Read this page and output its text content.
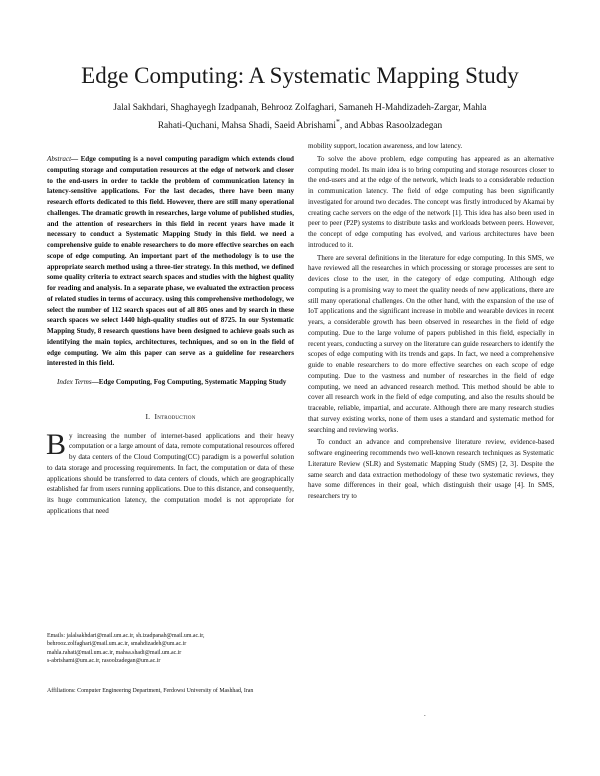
Edge Computing: A Systematic Mapping Study
Jalal Sakhdari, Shaghayegh Izadpanah, Behrooz Zolfaghari, Samaneh H-Mahdizadeh-Zargar, Mahla
Rahati-Quchani, Mahsa Shadi, Saeid Abrishami*, and Abbas Rasoolzadegan
Abstract— Edge computing is a novel computing paradigm which extends cloud computing storage and computation resources at the edge of network and closer to the end-users in order to tackle the problem of communication latency in latency-sensitive applications. For the last decades, there have been many research efforts dedicated to this field. However, there are still many operational challenges. The dramatic growth in researches, large volume of published studies, and the attention of researchers in this field in recent years have made it necessary to conduct a Systematic Mapping Study in this field. we need a comprehensive guide to enable researchers to do more effective searches on each scope of edge computing. An important part of the methodology is to use the appropriate search method using a three-tier strategy. In this method, we defined some quality criteria to extract search spaces and studies with the highest quality for reading and analysis. In a separate phase, we evaluated the extraction process of related studies in terms of accuracy. using this comprehensive methodology, we select the number of 112 search spaces out of all 805 ones and by search in these search spaces we select 1440 high-quality studies out of 8725. In our Systematic Mapping Study, 8 research questions have been designed to achieve goals such as identifying the main topics, architectures, techniques, and so on in the field of edge computing. We aim this paper can serve as a guideline for researchers interested in this field.
Index Terms—Edge Computing, Fog Computing, Systematic Mapping Study
I. Introduction

By increasing the number of internet-based applications and their heavy computation or a large amount of data, remote computational resources offered by data centers of the Cloud Computing(CC) paradigm is a powerful solution to data storage and processing requirements. In fact, the computation or data of these applications should be transferred to data centers of clouds, which are geographically established far from users running applications. Due to this distance, and consequently, its huge communication latency, the computation model is not appropriate for applications that need

mobility support, location awareness, and low latency.

To solve the above problem, edge computing has appeared as an alternative computing model. Its main idea is to bring computing and storage resources closer to the end-users and at the edge of the network, which leads to a considerable reduction in communication latency. The field of edge computing has been significantly investigated for around two decades. The concept was firstly introduced by Akamai by creating cache servers on the edge of the network [1]. This idea has also been used in peer to peer (P2P) systems to distribute tasks and workloads between peers. However, the concept of edge computing has evolved, and various architectures have been introduced to it.

There are several definitions in the literature for edge computing. In this SMS, we have reviewed all the researches in which processing or storage processes are sent to devices close to the user, in the category of edge computing. Although edge computing is a promising way to meet the quality needs of new applications, there are still many operational challenges. On the other hand, with the expansion of the use of IoT applications and the significant increase in mobile and wearable devices in recent years, a considerable growth has been observed in researches in the field of edge computing. Due to the large volume of papers published in this field, especially in recent years, conducting a survey on the literature can guide researchers to identify the scopes of edge computing with its trends and gaps. In fact, we need a comprehensive guide to enable researchers to do more effective searches on each scope of edge computing. Due to the vastness and number of researches in the field of edge computing, we need an advanced research method. This method should be able to cover all research work in the field of edge computing, and also the results should be traceable, reliable, impartial, and accurate. Although there are many research studies that survey existing works, none of them uses a standard and systematic method for searching and reviewing works.

To conduct an advance and comprehensive literature review, evidence-based software engineering recommends two well-known research techniques as Systematic Literature Review (SLR) and Systematic Mapping Study (SMS) [2, 3]. Despite the same search and data extraction methodology of these two systematic reviews, they have some differences in their goal, which distinguish their usage [4]. In SMS, researchers try to

Emails: jalalsakhdari@mail.um.ac.ir, sh.izadpanah@mail.um.ac.ir,
behrooz.zolfaghari@mail.um.ac.ir, smahdizadeh@um.ac.ir
mahla.rahati@mail.um.ac.ir, mahsa.shadi@mail.um.ac.ir
s-abrishami@um.ac.ir, rasoolzadegan@um.ac.ir
Affiliations: Computer Engineering Department, Ferdowsi University of Mashhad, Iran
.
